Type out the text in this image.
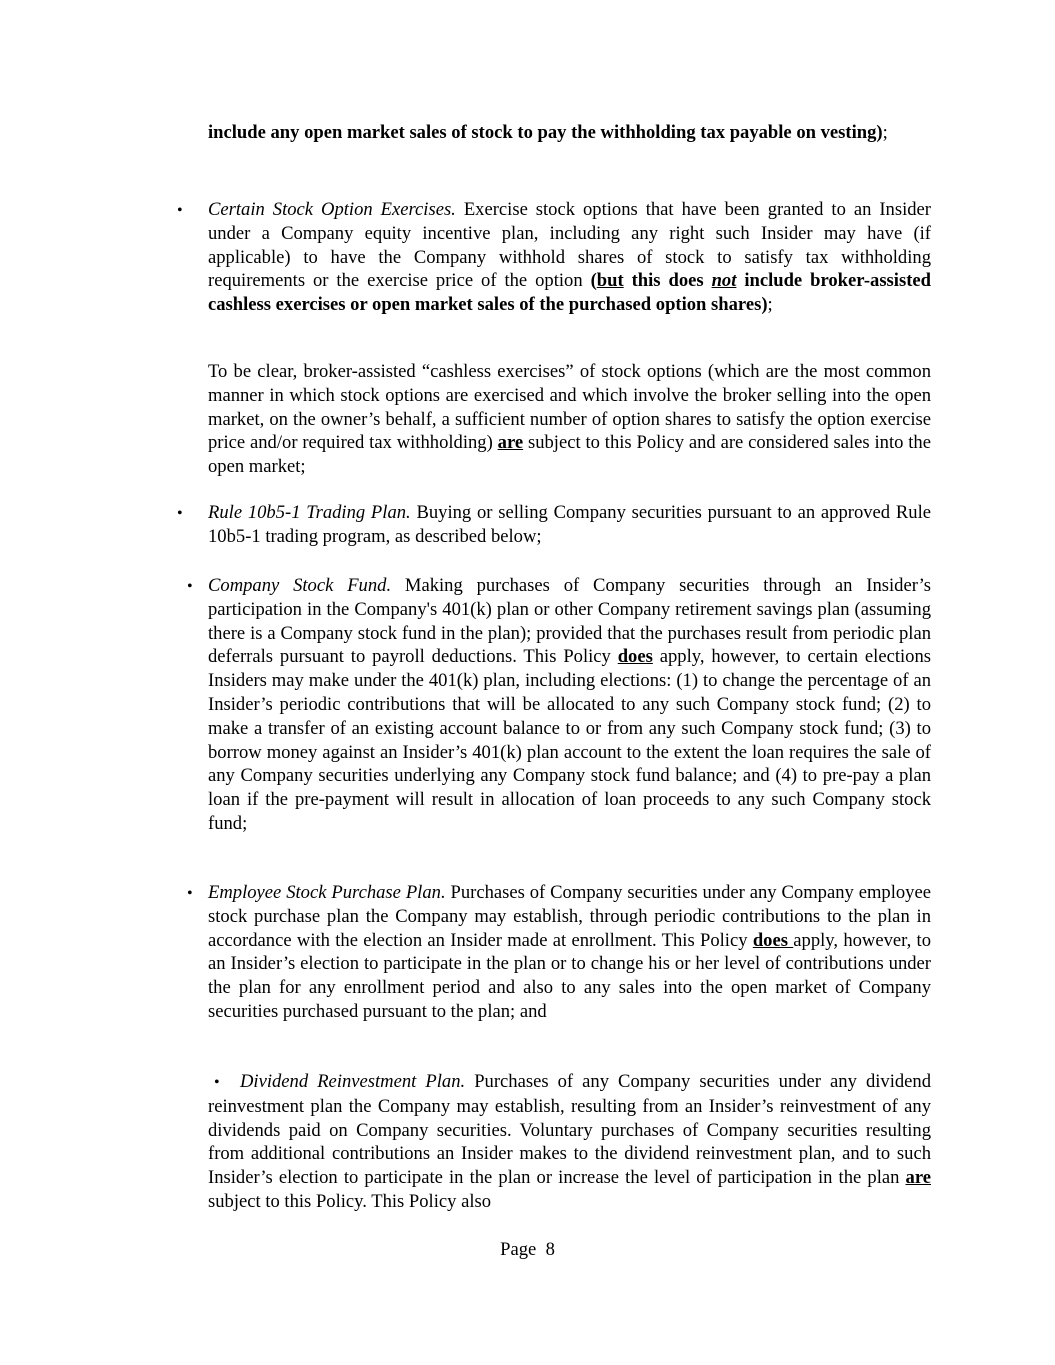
include any open market sales of stock to pay the withholding tax payable on vesting);

• Certain Stock Option Exercises. Exercise stock options that have been granted to an Insider under a Company equity incentive plan, including any right such Insider may have (if applicable) to have the Company withhold shares of stock to satisfy tax withholding requirements or the exercise price of the option (but this does not include broker-assisted cashless exercises or open market sales of the purchased option shares);

To be clear, broker-assisted “cashless exercises” of stock options (which are the most common manner in which stock options are exercised and which involve the broker selling into the open market, on the owner’s behalf, a sufficient number of option shares to satisfy the option exercise price and/or required tax withholding) are subject to this Policy and are considered sales into the open market;

• Rule 10b5-1 Trading Plan. Buying or selling Company securities pursuant to an approved Rule 10b5-1 trading program, as described below;

• Company Stock Fund. Making purchases of Company securities through an Insider’s participation in the Company's 401(k) plan or other Company retirement savings plan (assuming there is a Company stock fund in the plan); provided that the purchases result from periodic plan deferrals pursuant to payroll deductions. This Policy does apply, however, to certain elections Insiders may make under the 401(k) plan, including elections: (1) to change the percentage of an Insider’s periodic contributions that will be allocated to any such Company stock fund; (2) to make a transfer of an existing account balance to or from any such Company stock fund; (3) to borrow money against an Insider’s 401(k) plan account to the extent the loan requires the sale of any Company securities underlying any Company stock fund balance; and (4) to pre-pay a plan loan if the pre-payment will result in allocation of loan proceeds to any such Company stock fund;

• Employee Stock Purchase Plan. Purchases of Company securities under any Company employee stock purchase plan the Company may establish, through periodic contributions to the plan in accordance with the election an Insider made at enrollment. This Policy does apply, however, to an Insider’s election to participate in the plan or to change his or her level of contributions under the plan for any enrollment period and also to any sales into the open market of Company securities purchased pursuant to the plan; and

• Dividend Reinvestment Plan. Purchases of any Company securities under any dividend reinvestment plan the Company may establish, resulting from an Insider’s reinvestment of any dividends paid on Company securities. Voluntary purchases of Company securities resulting from additional contributions an Insider makes to the dividend reinvestment plan, and to such Insider’s election to participate in the plan or increase the level of participation in the plan are subject to this Policy. This Policy also

Page 8
